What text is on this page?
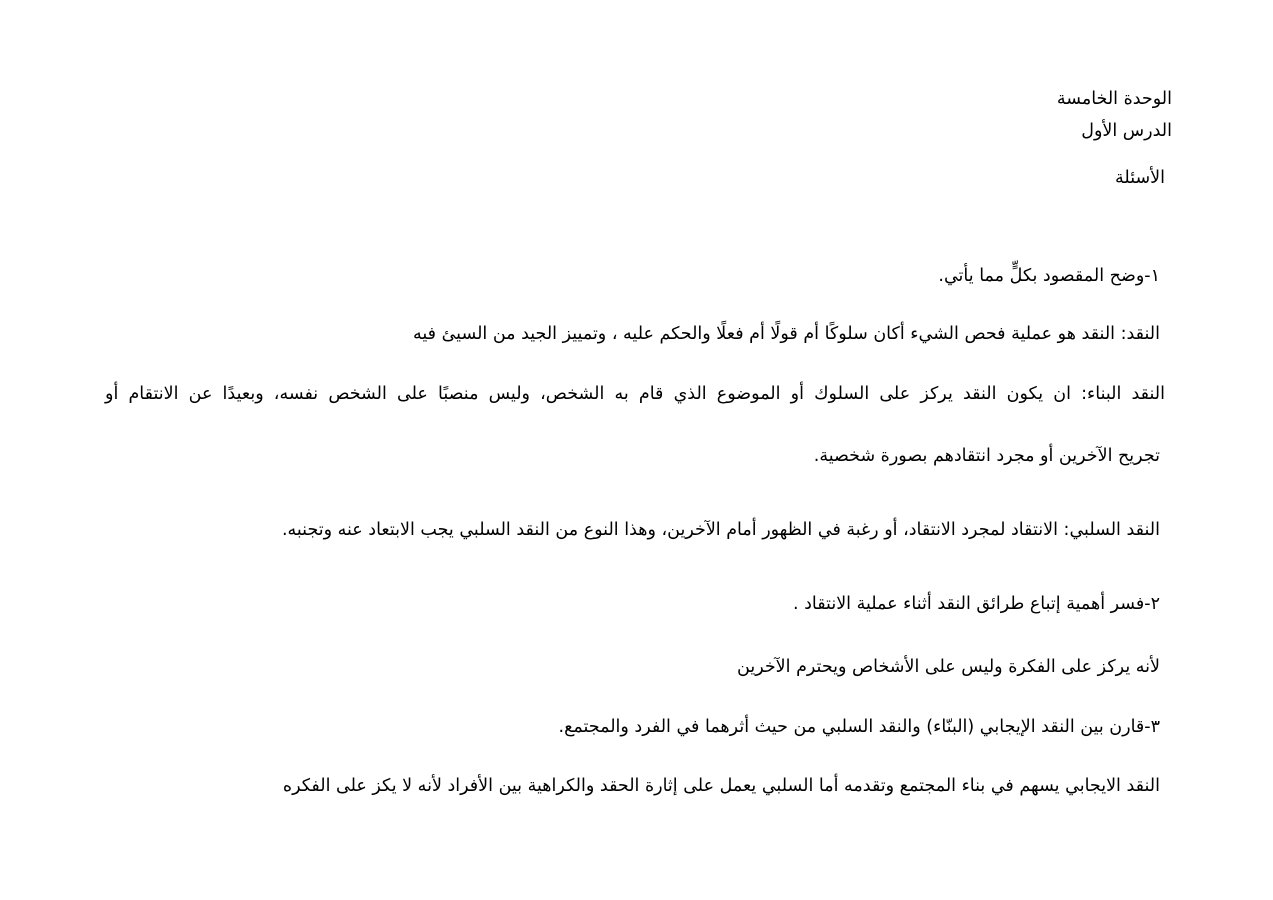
الوحدة الخامسة
الدرس الأول
الأسئلة
١-وضح المقصود بكلٍّ مما يأتي.
النقد: النقد هو عملية فحص الشيء أكان سلوكًا أم قولًا أم فعلًا والحكم عليه ، وتمييز الجيد من السيئ فيه
النقد البناء: ان يكون النقد يركز على السلوك أو الموضوع الذي قام به الشخص، وليس منصبًا على الشخص نفسه، وبعيدًا عن الانتقام أو
تجريح الآخرين أو مجرد انتقادهم بصورة شخصية.
النقد السلبي: الانتقاد لمجرد الانتقاد، أو رغبة في الظهور أمام الآخرين، وهذا النوع من النقد السلبي يجب الابتعاد عنه وتجنبه.
٢-فسر أهمية إتباع طرائق النقد أثناء عملية الانتقاد .
لأنه يركز على الفكرة وليس على الأشخاص ويحترم الآخرين
٣-قارن بين النقد الإيجابي (البنّاء) والنقد السلبي من حيث أثرهما في الفرد والمجتمع.
النقد الايجابي يسهم في بناء المجتمع وتقدمه أما السلبي يعمل على إثارة الحقد والكراهية بين الأفراد لأنه لا يكز على الفكره
